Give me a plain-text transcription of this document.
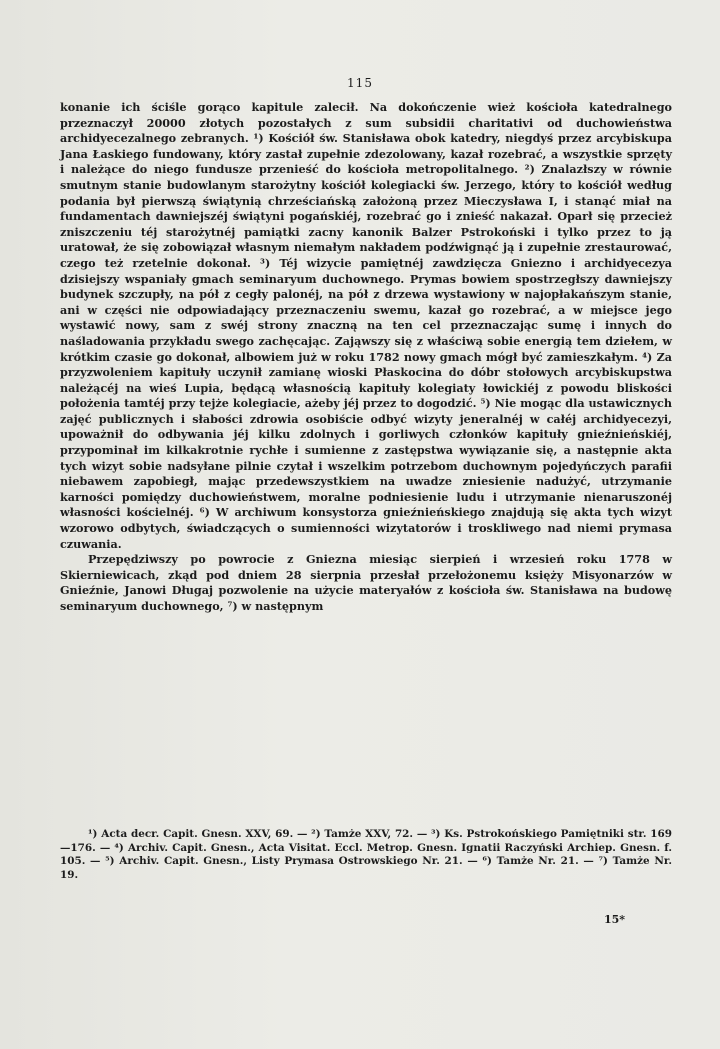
115

konanie ich ściśle gorąco kapitule zalecił. Na dokończenie wież kościoła katedralnego przeznaczył 20000 złotych pozostałych z sum subsidii charitativi od duchowieństwa archidyecezalnego zebranych. ¹) Kościół św. Stanisława obok katedry, niegdyś przez arcybiskupa Jana Łaskiego fundowany, który zastał zupełnie zdezolowany, kazał rozebrać, a wszystkie sprzęty i należące do niego fundusze przenieść do kościoła metropolitalnego. ²) Znalazłszy w równie smutnym stanie budowlanym starożytny kościół kolegiacki św. Jerzego, który to kościół według podania był pierwszą świątynią chrześciańską założoną przez Mieczysława I, i stanąć miał na fundamentach dawniejszéj świątyni pogańskiéj, rozebrać go i znieść nakazał. Oparł się przecież zniszczeniu téj starożytnéj pamiątki zacny kanonik Balzer Pstrokoński i tylko przez to ją uratował, że się zobowiązał własnym niemałym nakładem podźwignąć ją i zupełnie zrestaurować, czego też rzetelnie dokonał. ³) Téj wizycie pamiętnéj zawdzięcza Gniezno i archidyecezya dzisiejszy wspaniały gmach seminaryum duchownego. Prymas bowiem spostrzegłszy dawniejszy budynek szczupły, na pół z cegły palonéj, na pół z drzewa wystawiony w najopłakańszym stanie, ani w części nie odpowiadający przeznaczeniu swemu, kazał go rozebrać, a w miejsce jego wystawić nowy, sam z swéj strony znaczną na ten cel przeznaczając sumę i innych do naśladowania przykładu swego zachęcając. Zająwszy się z właściwą sobie energią tem dziełem, w krótkim czasie go dokonał, albowiem już w roku 1782 nowy gmach mógł być zamieszkałym. ⁴) Za przyzwoleniem kapituły uczynił zamianę wioski Płaskocina do dóbr stołowych arcybiskupstwa należącéj na wieś Lupia, będącą własnością kapituły kolegiaty łowickiéj z powodu bliskości położenia tamtéj przy tejże kolegiacie, ażeby jéj przez to dogodzić. ⁵) Nie mogąc dla ustawicznych zajęć publicznych i słabości zdrowia osobiście odbyć wizyty jeneralnéj w całéj archidyecezyi, upoważnił do odbywania jéj kilku zdolnych i gorliwych członków kapituły gnieźnieńskiéj, przypominał im kilkakrotnie rychłe i sumienne z zastępstwa wywiązanie się, a następnie akta tych wizyt sobie nadsyłane pilnie czytał i wszelkim potrzebom duchownym pojedyńczych parafii niebawem zapobiegł, mając przedewszystkiem na uwadze zniesienie nadużyć, utrzymanie karności pomiędzy duchowieństwem, moralne podniesienie ludu i utrzymanie nienaruszonéj własności kościelnéj. ⁶) W archiwum konsystorza gnieźnieńskiego znajdują się akta tych wizyt wzorowo odbytych, świadczących o sumienności wizytatorów i troskliwego nad niemi prymasa czuwania.

Przepędziwszy po powrocie z Gniezna miesiąc sierpień i wrzesień roku 1778 w Skierniewicach, zkąd pod dniem 28 sierpnia przesłał przełożonemu księży Misyonarzów w Gnieźnie, Janowi Długaj pozwolenie na użycie materyałów z kościoła św. Stanisława na budowę seminaryum duchownego, ⁷) w następnym

¹) Acta decr. Capit. Gnesn. XXV, 69. — ²) Tamże XXV, 72. — ³) Ks. Pstrokońskiego Pamiętniki str. 169—176. — ⁴) Archiv. Capit. Gnesn., Acta Visitat. Eccl. Metrop. Gnesn. Ignatii Raczyński Archiep. Gnesn. f. 105. — ⁵) Archiv. Capit. Gnesn., Listy Prymasa Ostrowskiego Nr. 21. — ⁶) Tamże Nr. 21. — ⁷) Tamże Nr. 19.

15*
